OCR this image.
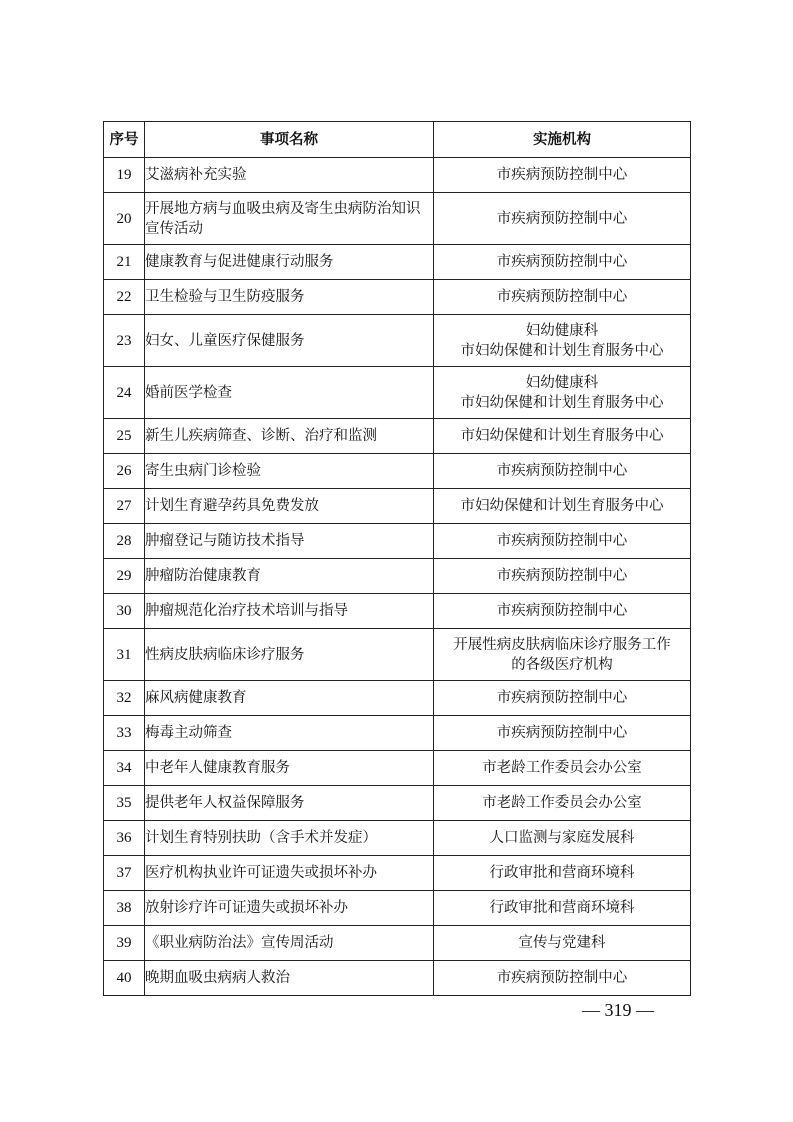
序号	事项名称	实施机构
19	艾滋病补充实验	市疾病预防控制中心

20	开展地方病与血吸虫病及寄生虫病防治知识宣传活动	市疾病预防控制中心

21	健康教育与促进健康行动服务	市疾病预防控制中心

22	卫生检验与卫生防疫服务	市疾病预防控制中心

23	妇女、儿童医疗保健服务	妇幼健康科
市妇幼保健和计划生育服务中心

24	婚前医学检查	妇幼健康科
市妇幼保健和计划生育服务中心

25	新生儿疾病筛查、诊断、治疗和监测	市妇幼保健和计划生育服务中心

26	寄生虫病门诊检验	市疾病预防控制中心

27	计划生育避孕药具免费发放	市妇幼保健和计划生育服务中心

28	肿瘤登记与随访技术指导	市疾病预防控制中心

29	肿瘤防治健康教育	市疾病预防控制中心

30	肿瘤规范化治疗技术培训与指导	市疾病预防控制中心

31	性病皮肤病临床诊疗服务	开展性病皮肤病临床诊疗服务工作
的各级医疗机构

32	麻风病健康教育	市疾病预防控制中心

33	梅毒主动筛查	市疾病预防控制中心

34	中老年人健康教育服务	市老龄工作委员会办公室

35	提供老年人权益保障服务	市老龄工作委员会办公室

36	计划生育特别扶助（含手术并发症）	人口监测与家庭发展科

37	医疗机构执业许可证遗失或损坏补办	行政审批和营商环境科

38	放射诊疗许可证遗失或损坏补办	行政审批和营商环境科

39	《职业病防治法》宣传周活动	宣传与党建科

40	晚期血吸虫病病人救治	市疾病预防控制中心
— 319 —
